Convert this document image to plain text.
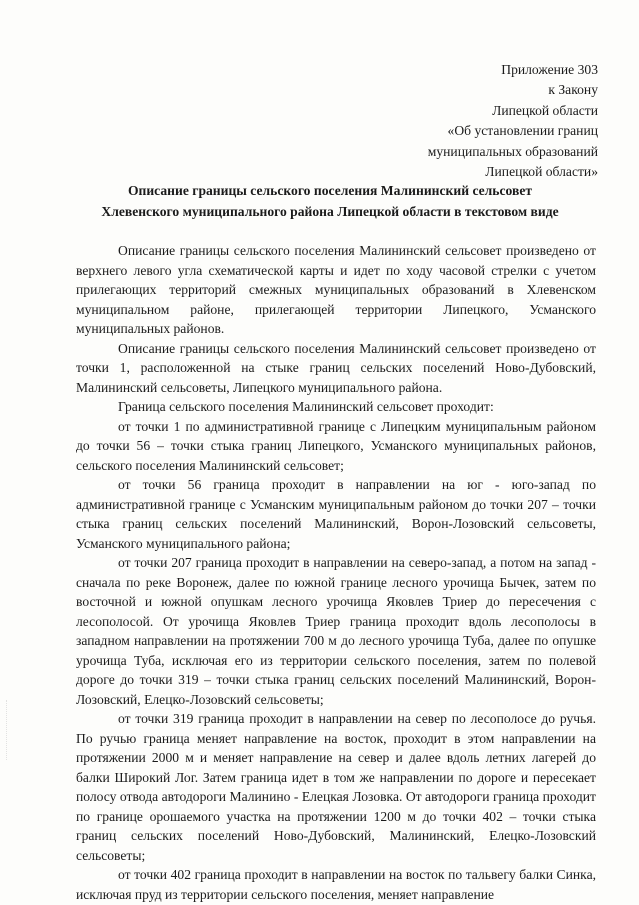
Приложение 303
к Закону
Липецкой области
«Об установлении границ
муниципальных образований
Липецкой области»
Описание границы сельского поселения Малининский сельсовет
Хлевенского муниципального района Липецкой области в текстовом виде

Описание границы сельского поселения Малининский сельсовет произведено от верхнего левого угла схематической карты и идет по ходу часовой стрелки с учетом прилегающих территорий смежных муниципальных образований в Хлевенском муниципальном районе, прилегающей территории Липецкого, Усманского муниципальных районов.

Описание границы сельского поселения Малининский сельсовет произведено от точки 1, расположенной на стыке границ сельских поселений Ново-Дубовский, Малининский сельсоветы, Липецкого муниципального района.

Граница сельского поселения Малининский сельсовет проходит:

от точки 1 по административной границе с Липецким муниципальным районом до точки 56 – точки стыка границ Липецкого, Усманского муниципальных районов, сельского поселения Малининский сельсовет;

от точки 56 граница проходит в направлении на юг - юго-запад по административной границе с Усманским муниципальным районом до точки 207 – точки стыка границ сельских поселений Малининский, Ворон-Лозовский сельсоветы, Усманского муниципального района;

от точки 207 граница проходит в направлении на северо-запад, а потом на запад - сначала по реке Воронеж, далее по южной границе лесного урочища Бычек, затем по восточной и южной опушкам лесного урочища Яковлев Триер до пересечения с лесополосой. От урочища Яковлев Триер граница проходит вдоль лесополосы в западном направлении на протяжении 700 м до лесного урочища Туба, далее по опушке урочища Туба, исключая его из территории сельского поселения, затем по полевой дороге до точки 319 – точки стыка границ сельских поселений Малининский, Ворон-Лозовский, Елецко-Лозовский сельсоветы;

от точки 319 граница проходит в направлении на север по лесополосе до ручья. По ручью граница меняет направление на восток, проходит в этом направлении на протяжении 2000 м и меняет направление на север и далее вдоль летних лагерей до балки Широкий Лог. Затем граница идет в том же направлении по дороге и пересекает полосу отвода автодороги Малинино - Елецкая Лозовка. От автодороги граница проходит по границе орошаемого участка на протяжении 1200 м до точки 402 – точки стыка границ сельских поселений Ново-Дубовский, Малининский, Елецко-Лозовский сельсоветы;

от точки 402 граница проходит в направлении на восток по тальвегу балки Синка, исключая пруд из территории сельского поселения, меняет направление
